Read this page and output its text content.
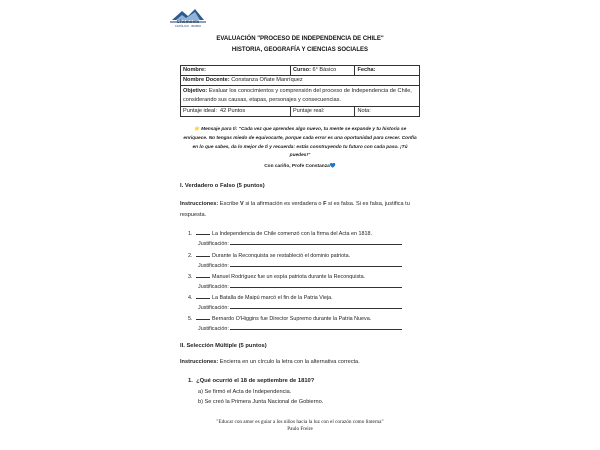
Chomonte
CATÓLICO · BIOBIO
EVALUACIÓN "PROCESO DE INDEPENDENCIA DE CHILE"
HISTORIA, GEOGRAFÍA Y CIENCIAS SOCIALES
Nombre:	Curso: 6° Básico	Fecha:
Nombre Docente: Constanza Oñate Manríquez		
Objetivo: Evaluar los conocimientos y comprensión del proceso de Independencia de Chile, considerando sus causas, etapas, personajes y consecuencias.		
Puntaje ideal: 42 Puntos	Puntaje real:	Nota:
⭐ Mensaje para ti: "Cada vez que aprendes algo nuevo, tu mente se expande y tu historia se enriquece. No tengas miedo de equivocarte, porque cada error es una oportunidad para crecer. Confía en lo que sabes, da lo mejor de ti y recuerda: estás construyendo tu futuro con cada paso. ¡Tú puedes!"
Con cariño, Profe Constanza💙
I. Verdadero o Falso (5 puntos)
Instrucciones: Escribe V si la afirmación es verdadera o F si es falsa. Si es falsa, justifica tu respuesta.
1.	La Independencia de Chile comenzó con la firma del Acta en 1818.
Justificación:
2.	Durante la Reconquista se restableció el dominio patriota.
Justificación:
3.	Manuel Rodríguez fue un espía patriota durante la Reconquista.
Justificación:
4.	La Batalla de Maipú marcó el fin de la Patria Vieja.
Justificación:
5.	Bernardo O'Higgins fue Director Supremo durante la Patria Nueva.
Justificación:
II. Selección Múltiple (5 puntos)
Instrucciones: Encierra en un círculo la letra con la alternativa correcta.
1. ¿Qué ocurrió el 18 de septiembre de 1810?
a) Se firmó el Acta de Independencia.
b) Se creó la Primera Junta Nacional de Gobierno.
"Educar con amor es guiar a los niños hacia la luz con el corazón como linterna"
Paulo Freire
